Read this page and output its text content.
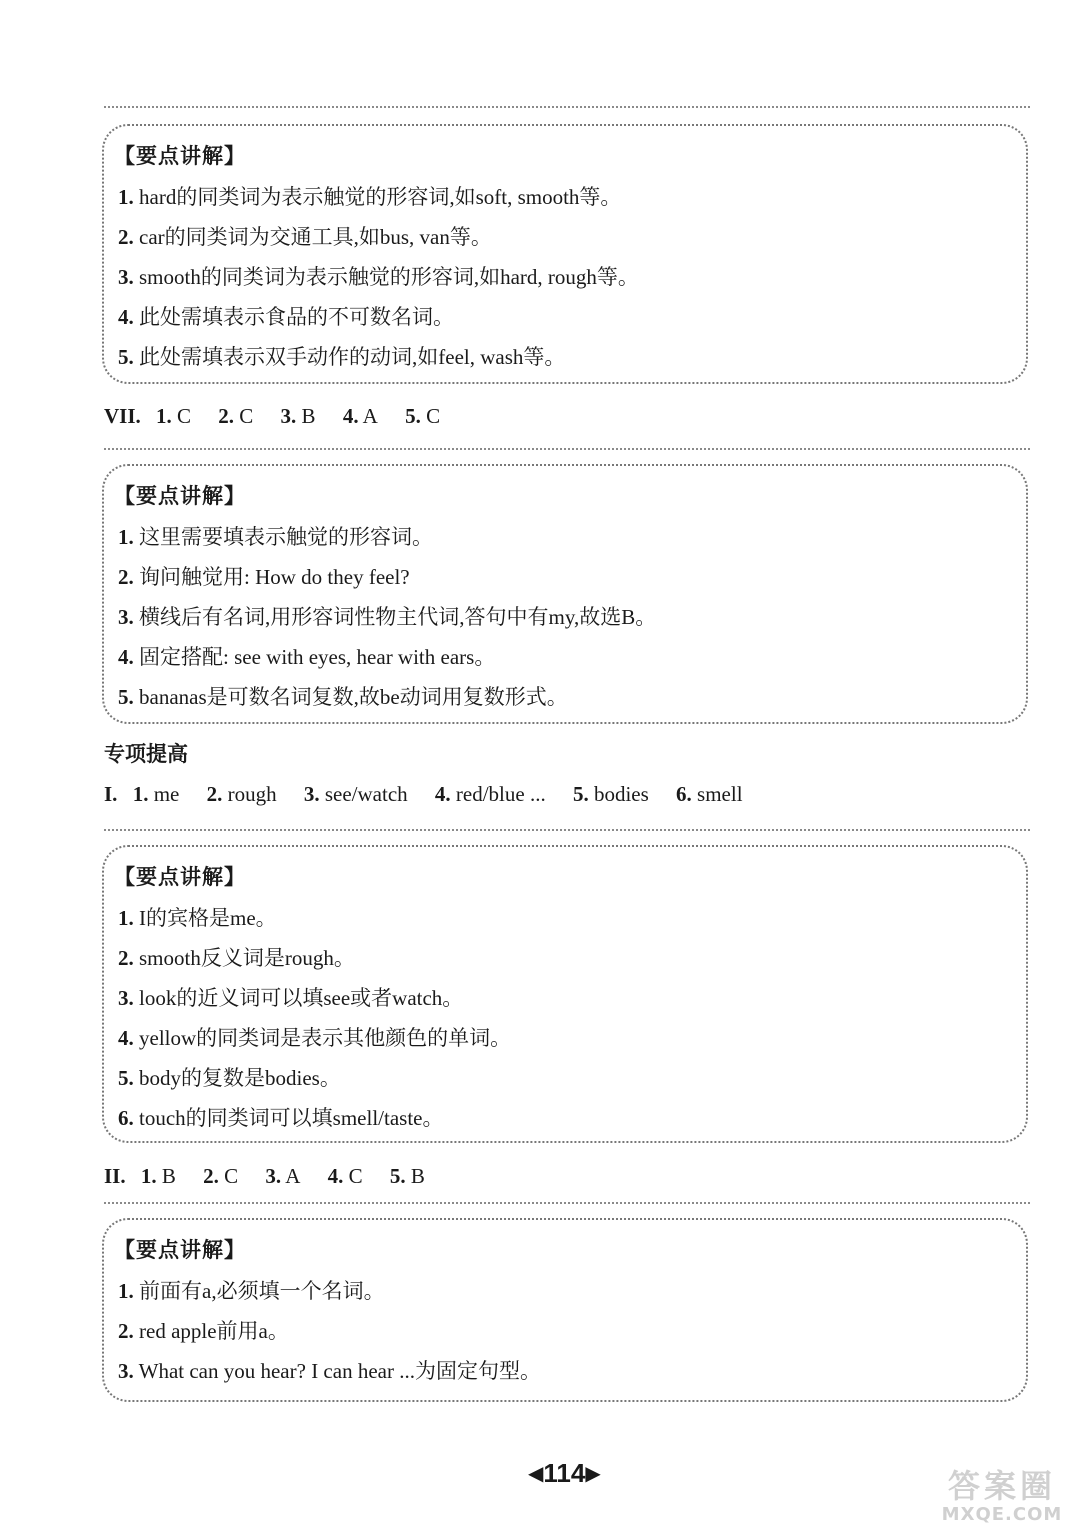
【要点讲解】
1. hard的同类词为表示触觉的形容词,如soft, smooth等。
2. car的同类词为交通工具,如bus, van等。
3. smooth的同类词为表示触觉的形容词,如hard, rough等。
4. 此处需填表示食品的不可数名词。
5. 此处需填表示双手动作的动词,如feel, wash等。
VII. 1. C 2. C 3. B 4. A 5. C
【要点讲解】
1. 这里需要填表示触觉的形容词。
2. 询问触觉用: How do they feel?
3. 横线后有名词,用形容词性物主代词,答句中有my,故选B。
4. 固定搭配: see with eyes, hear with ears。
5. bananas是可数名词复数,故be动词用复数形式。
专项提高
I. 1. me 2. rough 3. see/watch 4. red/blue ... 5. bodies 6. smell
【要点讲解】
1. I的宾格是me。
2. smooth反义词是rough。
3. look的近义词可以填see或者watch。
4. yellow的同类词是表示其他颜色的单词。
5. body的复数是bodies。
6. touch的同类词可以填smell/taste。
II. 1. B 2. C 3. A 4. C 5. B
【要点讲解】
1. 前面有a,必须填一个名词。
2. red apple前用a。
3. What can you hear? I can hear ...为固定句型。
◀114▶	答案圈
MXQE.COM
